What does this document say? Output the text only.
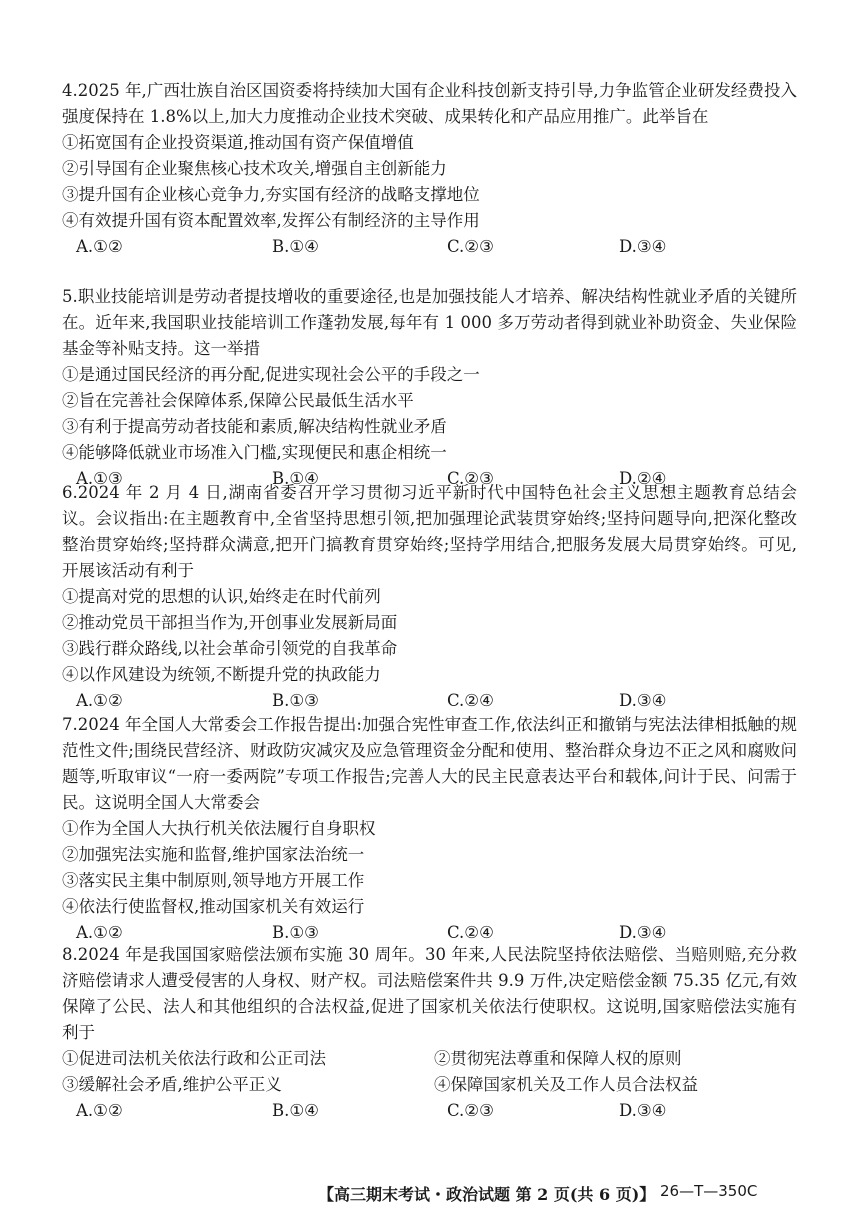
4.2025 年,广西壮族自治区国资委将持续加大国有企业科技创新支持引导,力争监管企业研发经费投入强度保持在 1.8%以上,加大力度推动企业技术突破、成果转化和产品应用推广。此举旨在

①拓宽国有企业投资渠道,推动国有资产保值增值

②引导国有企业聚焦核心技术攻关,增强自主创新能力

③提升国有企业核心竞争力,夯实国有经济的战略支撑地位

④有效提升国有资本配置效率,发挥公有制经济的主导作用

A.①②	B.①④	C.②③	D.③④

5.职业技能培训是劳动者提技增收的重要途径,也是加强技能人才培养、解决结构性就业矛盾的关键所在。近年来,我国职业技能培训工作蓬勃发展,每年有 1 000 多万劳动者得到就业补助资金、失业保险基金等补贴支持。这一举措

①是通过国民经济的再分配,促进实现社会公平的手段之一

②旨在完善社会保障体系,保障公民最低生活水平

③有利于提高劳动者技能和素质,解决结构性就业矛盾

④能够降低就业市场准入门槛,实现便民和惠企相统一

A.①③	B.①④	C.②③	D.②④

6.2024 年 2 月 4 日,湖南省委召开学习贯彻习近平新时代中国特色社会主义思想主题教育总结会议。会议指出:在主题教育中,全省坚持思想引领,把加强理论武装贯穿始终;坚持问题导向,把深化整改整治贯穿始终;坚持群众满意,把开门搞教育贯穿始终;坚持学用结合,把服务发展大局贯穿始终。可见,开展该活动有利于

①提高对党的思想的认识,始终走在时代前列

②推动党员干部担当作为,开创事业发展新局面

③践行群众路线,以社会革命引领党的自我革命

④以作风建设为统领,不断提升党的执政能力

A.①②	B.①③	C.②④	D.③④

7.2024 年全国人大常委会工作报告提出:加强合宪性审查工作,依法纠正和撤销与宪法法律相抵触的规范性文件;围绕民营经济、财政防灾减灾及应急管理资金分配和使用、整治群众身边不正之风和腐败问题等,听取审议“一府一委两院”专项工作报告;完善人大的民主民意表达平台和载体,问计于民、问需于民。这说明全国人大常委会

①作为全国人大执行机关依法履行自身职权

②加强宪法实施和监督,维护国家法治统一

③落实民主集中制原则,领导地方开展工作

④依法行使监督权,推动国家机关有效运行

A.①②	B.①③	C.②④	D.③④

8.2024 年是我国国家赔偿法颁布实施 30 周年。30 年来,人民法院坚持依法赔偿、当赔则赔,充分救济赔偿请求人遭受侵害的人身权、财产权。司法赔偿案件共 9.9 万件,决定赔偿金额 75.35 亿元,有效保障了公民、法人和其他组织的合法权益,促进了国家机关依法行使职权。这说明,国家赔偿法实施有利于

①促进司法机关依法行政和公正司法	②贯彻宪法尊重和保障人权的原则
③缓解社会矛盾,维护公平正义	④保障国家机关及工作人员合法权益
A.①②	B.①④	C.②③	D.③④
【高三期末考试・政治试题 第 2 页(共 6 页)】 26—T—350C
